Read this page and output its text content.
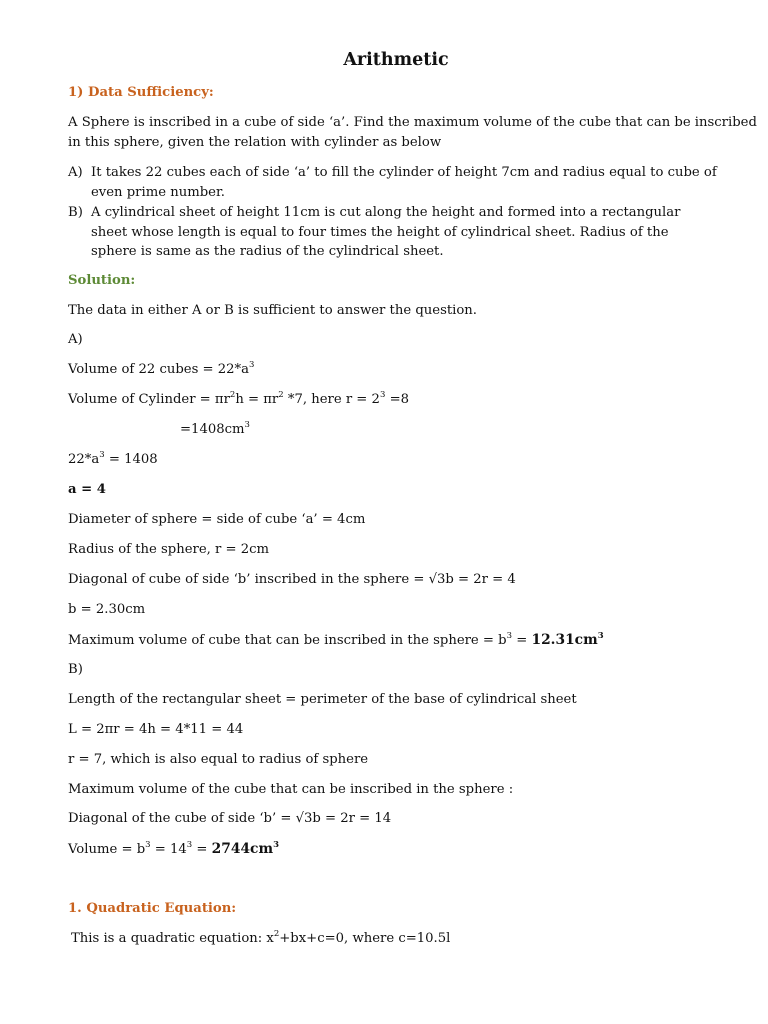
Arithmetic
1) Data Sufficiency:
A Sphere is inscribed in a cube of side ‘a’. Find the maximum volume of the cube that can be inscribed
in this sphere, given the relation with cylinder as below
A) It takes 22 cubes each of side ‘a’ to fill the cylinder of height 7cm and radius equal to cube of even prime number.
B) A cylindrical sheet of height 11cm is cut along the height and formed into a rectangular sheet whose length is equal to four times the height of cylindrical sheet. Radius of the sphere is same as the radius of the cylindrical sheet.
Solution:
The data in either A or B is sufficient to answer the question.
A)
Volume of 22 cubes = $22*a^3$
Volume of Cylinder = $\pi r^2h = \pi r^2$ *7, here $r = 2^3 =8$
$=1408cm^3$
$22*a^3 = 1408$
a = 4
Diameter of sphere = side of cube ‘a’ = 4cm
Radius of the sphere, r = 2cm
Diagonal of cube of side ‘b’ inscribed in the sphere = √3b = 2r = 4
b = 2.30cm
Maximum volume of cube that can be inscribed in the sphere = $b^3 = 12.31cm^3$
B)
Length of the rectangular sheet = perimeter of the base of cylindrical sheet
L = 2πr = 4h = 4*11 = 44
r = 7, which is also equal to radius of sphere
Maximum volume of the cube that can be inscribed in the sphere :
Diagonal of the cube of side ‘b’ = √3b = 2r = 14
Volume = $b^3 = 14^3 = 2744cm^3$
1. Quadratic Equation:
This is a quadratic equation: $x^2+bx+c=0$, where c=10.5l
